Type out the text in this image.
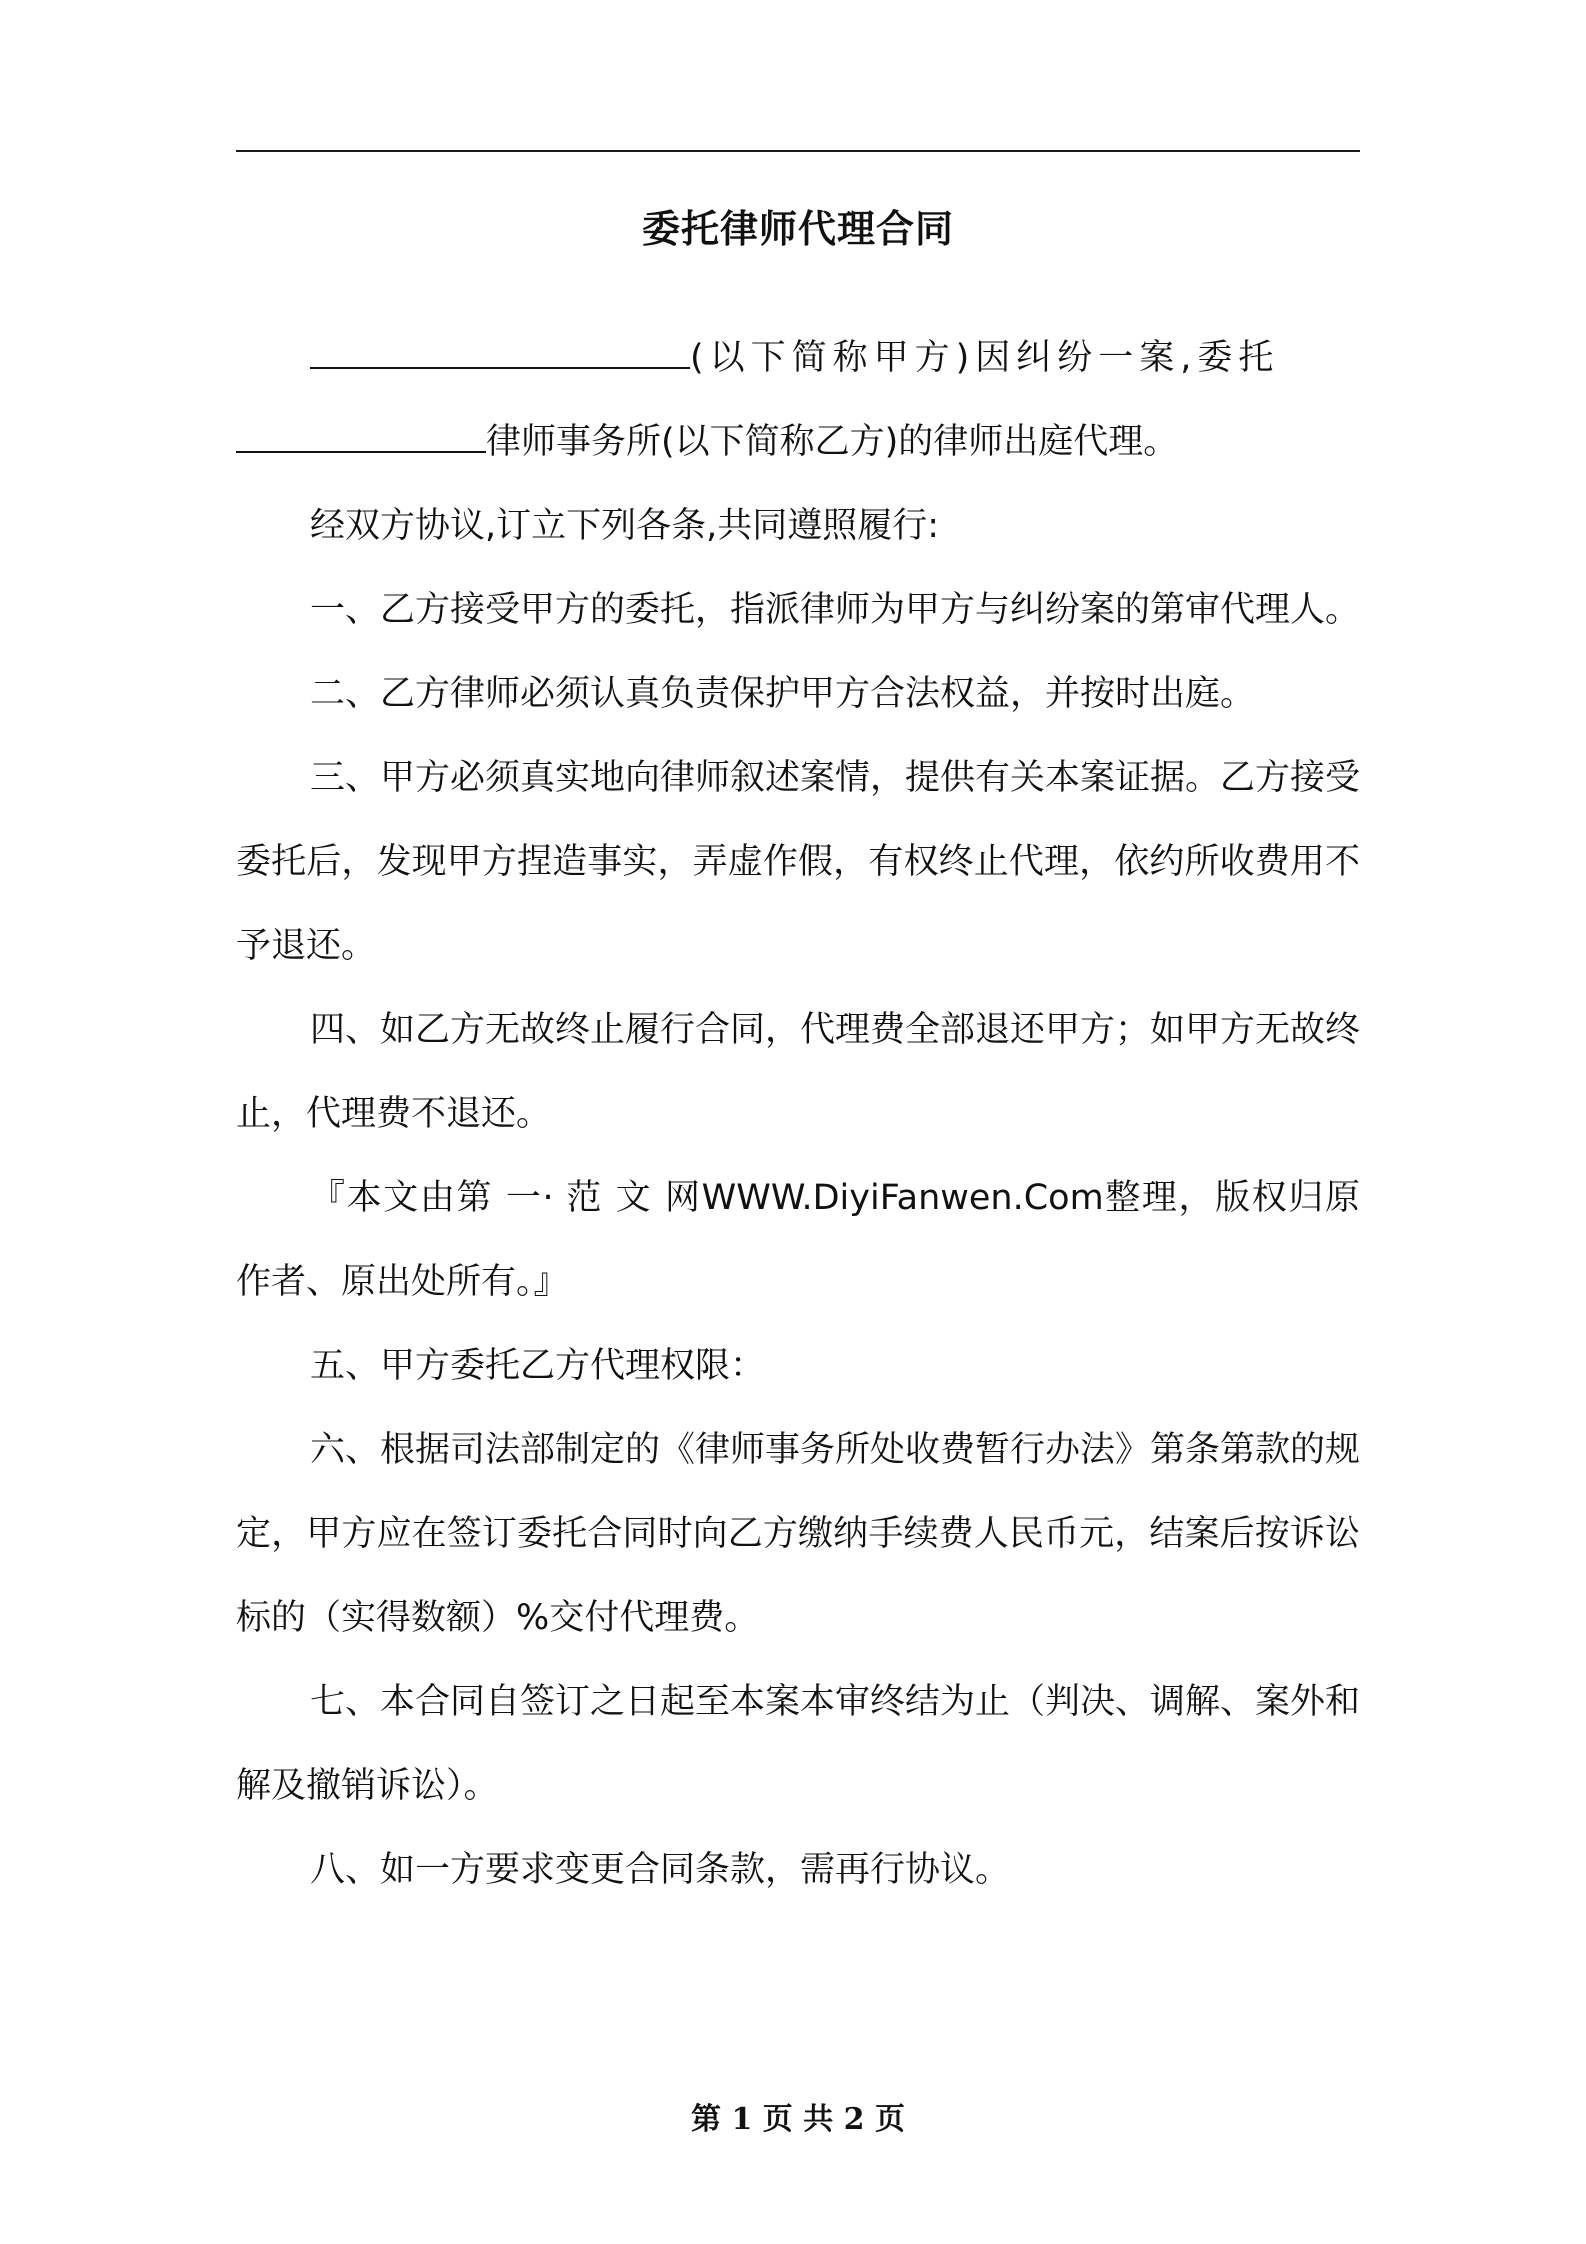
委托律师代理合同

(以下简称甲方)因纠纷一案,委托
律师事务所(以下简称乙方)的律师出庭代理。

经双方协议,订立下列各条,共同遵照履行:

一、乙方接受甲方的委托，指派律师为甲方与纠纷案的第审代理人。

二、乙方律师必须认真负责保护甲方合法权益，并按时出庭。

三、甲方必须真实地向律师叙述案情，提供有关本案证据。乙方接受委托后，发现甲方捏造事实，弄虚作假，有权终止代理，依约所收费用不予退还。

四、如乙方无故终止履行合同，代理费全部退还甲方；如甲方无故终止，代理费不退还。

『本文由第 一· 范 文 网WWW.DiyiFanwen.Com整理，版权归原作者、原出处所有。』

五、甲方委托乙方代理权限：

六、根据司法部制定的《律师事务所处收费暂行办法》第条第款的规定，甲方应在签订委托合同时向乙方缴纳手续费人民币元，结案后按诉讼标的（实得数额）%交付代理费。

七、本合同自签订之日起至本案本审终结为止（判决、调解、案外和解及撤销诉讼）。

八、如一方要求变更合同条款，需再行协议。

第 1 页 共 2 页
